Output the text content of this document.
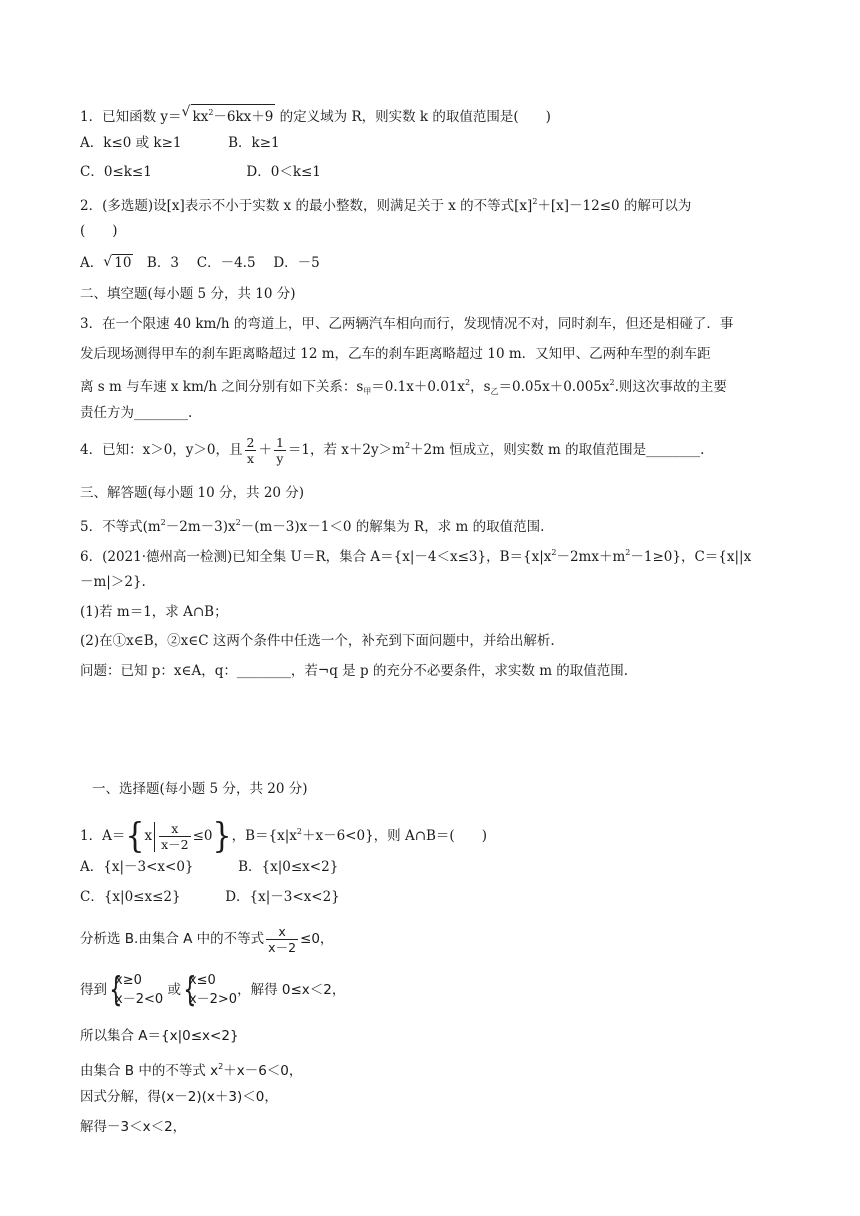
1．已知函数 y＝ √ $kx^2-6kx+9$ 的定义域为 R，则实数 k 的取值范围是(　　)
A．k≤0 或 k≥1	B．k≥1
C．0≤k≤1	D．0＜k≤1
2．(多选题)设[x]表示不小于实数 x 的最小整数，则满足关于 x 的不等式$[x]^2+[x]-12\le 0$ 的解可以为
(　　)
A． √ 10　B．3　 C．－4.5　 D．－5
二、填空题(每小题 5 分，共 10 分)
3．在一个限速 40 km/h 的弯道上，甲、乙两辆汽车相向而行，发现情况不对，同时刹车，但还是相碰了．事
发后现场测得甲车的刹车距离略超过 12 m，乙车的刹车距离略超过 10 m．又知甲、乙两种车型的刹车距
离 s m 与车速 x km/h 之间分别有如下关系：$s_甲=0.1x+0.01x^2$，$s_乙=0.05x+0.005x^2$.则这次事故的主要
责任方为________.
4．已知：x＞0，y＞0，且 $\frac{2}{x} + \frac{1}{y} =1$，若 $x+2y>m^2+2m$ 恒成立，则实数 m 的取值范围是________.
三、解答题(每小题 10 分，共 20 分)
5．不等式$(m^2-2m-3)x^2-(m-3)x-1<0$ 的解集为 R，求 m 的取值范围.
6．(2021·德州高一检测)已知全集 U＝R，集合 A＝{x|－4＜x≤3}，$B=\{x|x^2-2mx+m^2-1\ge 0\}$，C＝{x||x
－m|＞2}.
(1)若 m＝1，求 A∩B；
(2)在①x∈B，②x∈C 这两个条件中任选一个，补充到下面问题中，并给出解析.
问题：已知 p：x∈A，q：________，若¬q 是 p 的充分不必要条件，求实数 m 的取值范围.
一、选择题(每小题 5 分，共 20 分)
1．$A=\{x \frac{x}{x-2} \le 0\}$，$B=\{x|x^2+x-6<0\}$，则 A∩B＝(　　)
A．{x|－3<x<0}	B．{x|0≤x<2}
C．{x|0≤x≤2}	D．{x|－3<x<2}
分析选 B.由集合 A 中的不等式 $\frac{x}{x-2} \le 0$，
得到 {
x≥0
x－2<0
或 {
x≤0
x－2>0
，解得 0≤x＜2，
所以集合 A＝{x|0≤x<2}
由集合 B 中的不等式 $x^2+x-6<0$，
因式分解，得(x－2)(x＋3)＜0，
解得－3＜x＜2，
